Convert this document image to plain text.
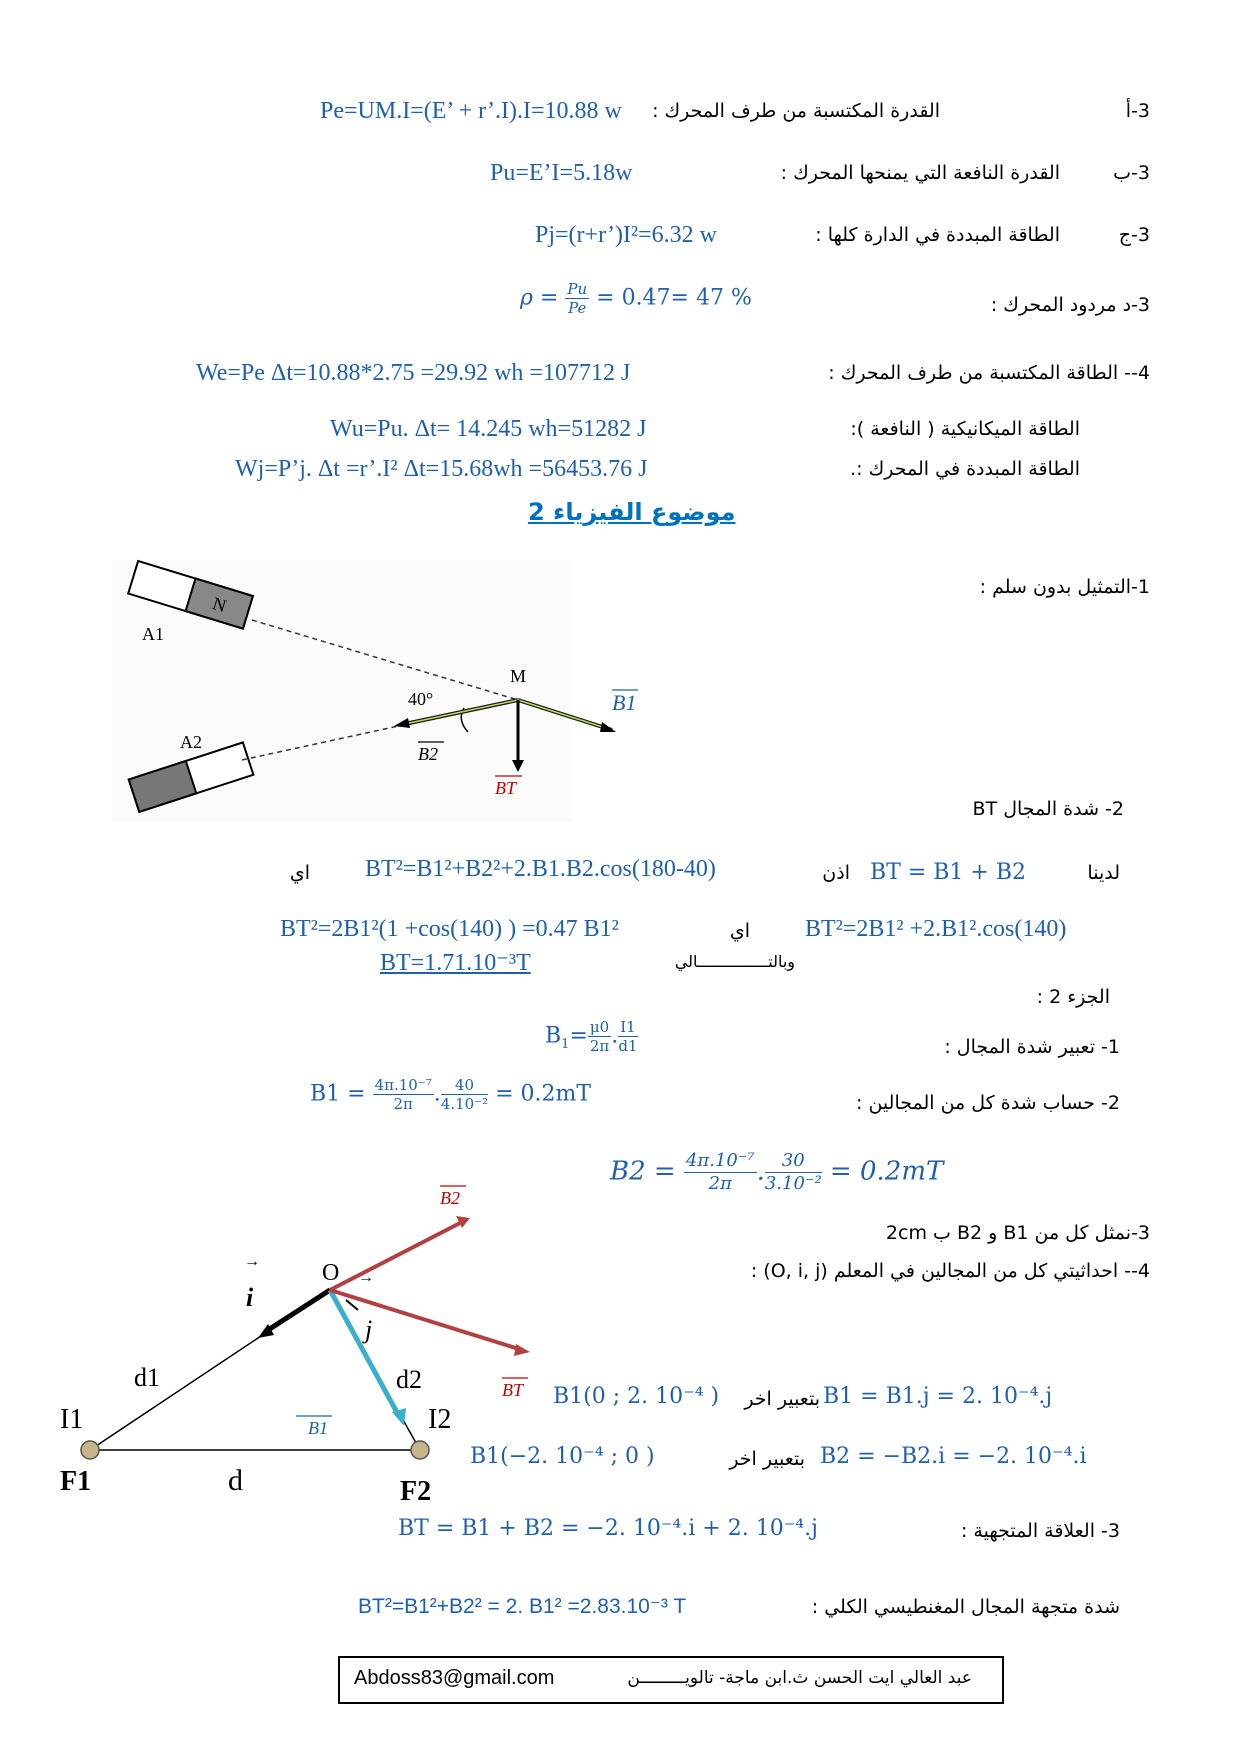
3-أ
القدرة المكتسبة من طرف المحرك :
Pe=UM.I=(E’ + r’.I).I=10.88 w
3-ب
القدرة النافعة التي يمنحها المحرك :
Pu=E’I=5.18w
3-ج
الطاقة المبددة في الدارة كلها :
Pj=(r+r’)I²=6.32 w
3-د مردود المحرك :
$\rho = \frac{Pu}{Pe} = 0.47= 47$ %
4-- الطاقة المكتسبة من طرف المحرك :
We=Pe Δt=10.88*2.75 =29.92 wh =107712 J
الطاقة الميكانيكية ( النافعة ):
Wu=Pu. Δt= 14.245 wh=51282 J
الطاقة المبددة في المحرك :.
Wj=P’j. Δt =r’.I² Δt=15.68wh =56453.76 J
موضوع الفيزياء 2
N
A1
A2
M
40°	B1
B2
BT
1-التمثيل بدون سلم :
2- شدة المجال BT
لدينا
BT = B1 + B2
اذن
BT²=B1²+B2²+2.B1.B2.cos(180-40)
اي
BT²=2B1² +2.B1².cos(140)
اي
BT²=2B1²(1 +cos(140) ) =0.47 B1²
وبالتـــــــــــــــالي
BT=1.71.10⁻³T
الجزء 2 :
1- تعبير شدة المجال :
$B_1= \frac{\mu 0}{2\pi}$ . $\frac{I1}{d1}$
2- حساب شدة كل من المجالين :
$B1 = \frac{\text{4π.10⁻⁷}}{2\pi}$ . $\frac{40}{\text{4.10⁻²}} = 0.2mT$
$B2 = \frac{\text{4π.10⁻⁷}}{2\pi}$ . $\frac{30}{\text{3.10⁻²}} = 0.2mT$
3-نمثل كل من B1 و B2 ب 2cm
4-- احداثيتي كل من المجالين في المعلم (O, i, j) :
B1 = B1.j = 2. 10⁻⁴.j
بتعبير اخر
B1(0 ; 2. 10⁻⁴ )
B2 = −B2.i = −2. 10⁻⁴.i
بتعبير اخر
B1(−2. 10⁻⁴ ; 0 )
3- العلاقة المتجهية :
BT = B1 + B2 = −2. 10⁻⁴.i + 2. 10⁻⁴.j
شدة متجهة المجال المغنطيسي الكلي :
BT²=B1²+B2² = 2. B1² =2.83.10⁻³ T
O
i
→
j
→
B2
BT
B1
d1	d2
I1	I2
F1	F2
d
Abdoss83@gmail.com	عبد العالي ايت الحسن ث.ابن ماجة- تالويـــــــــن
